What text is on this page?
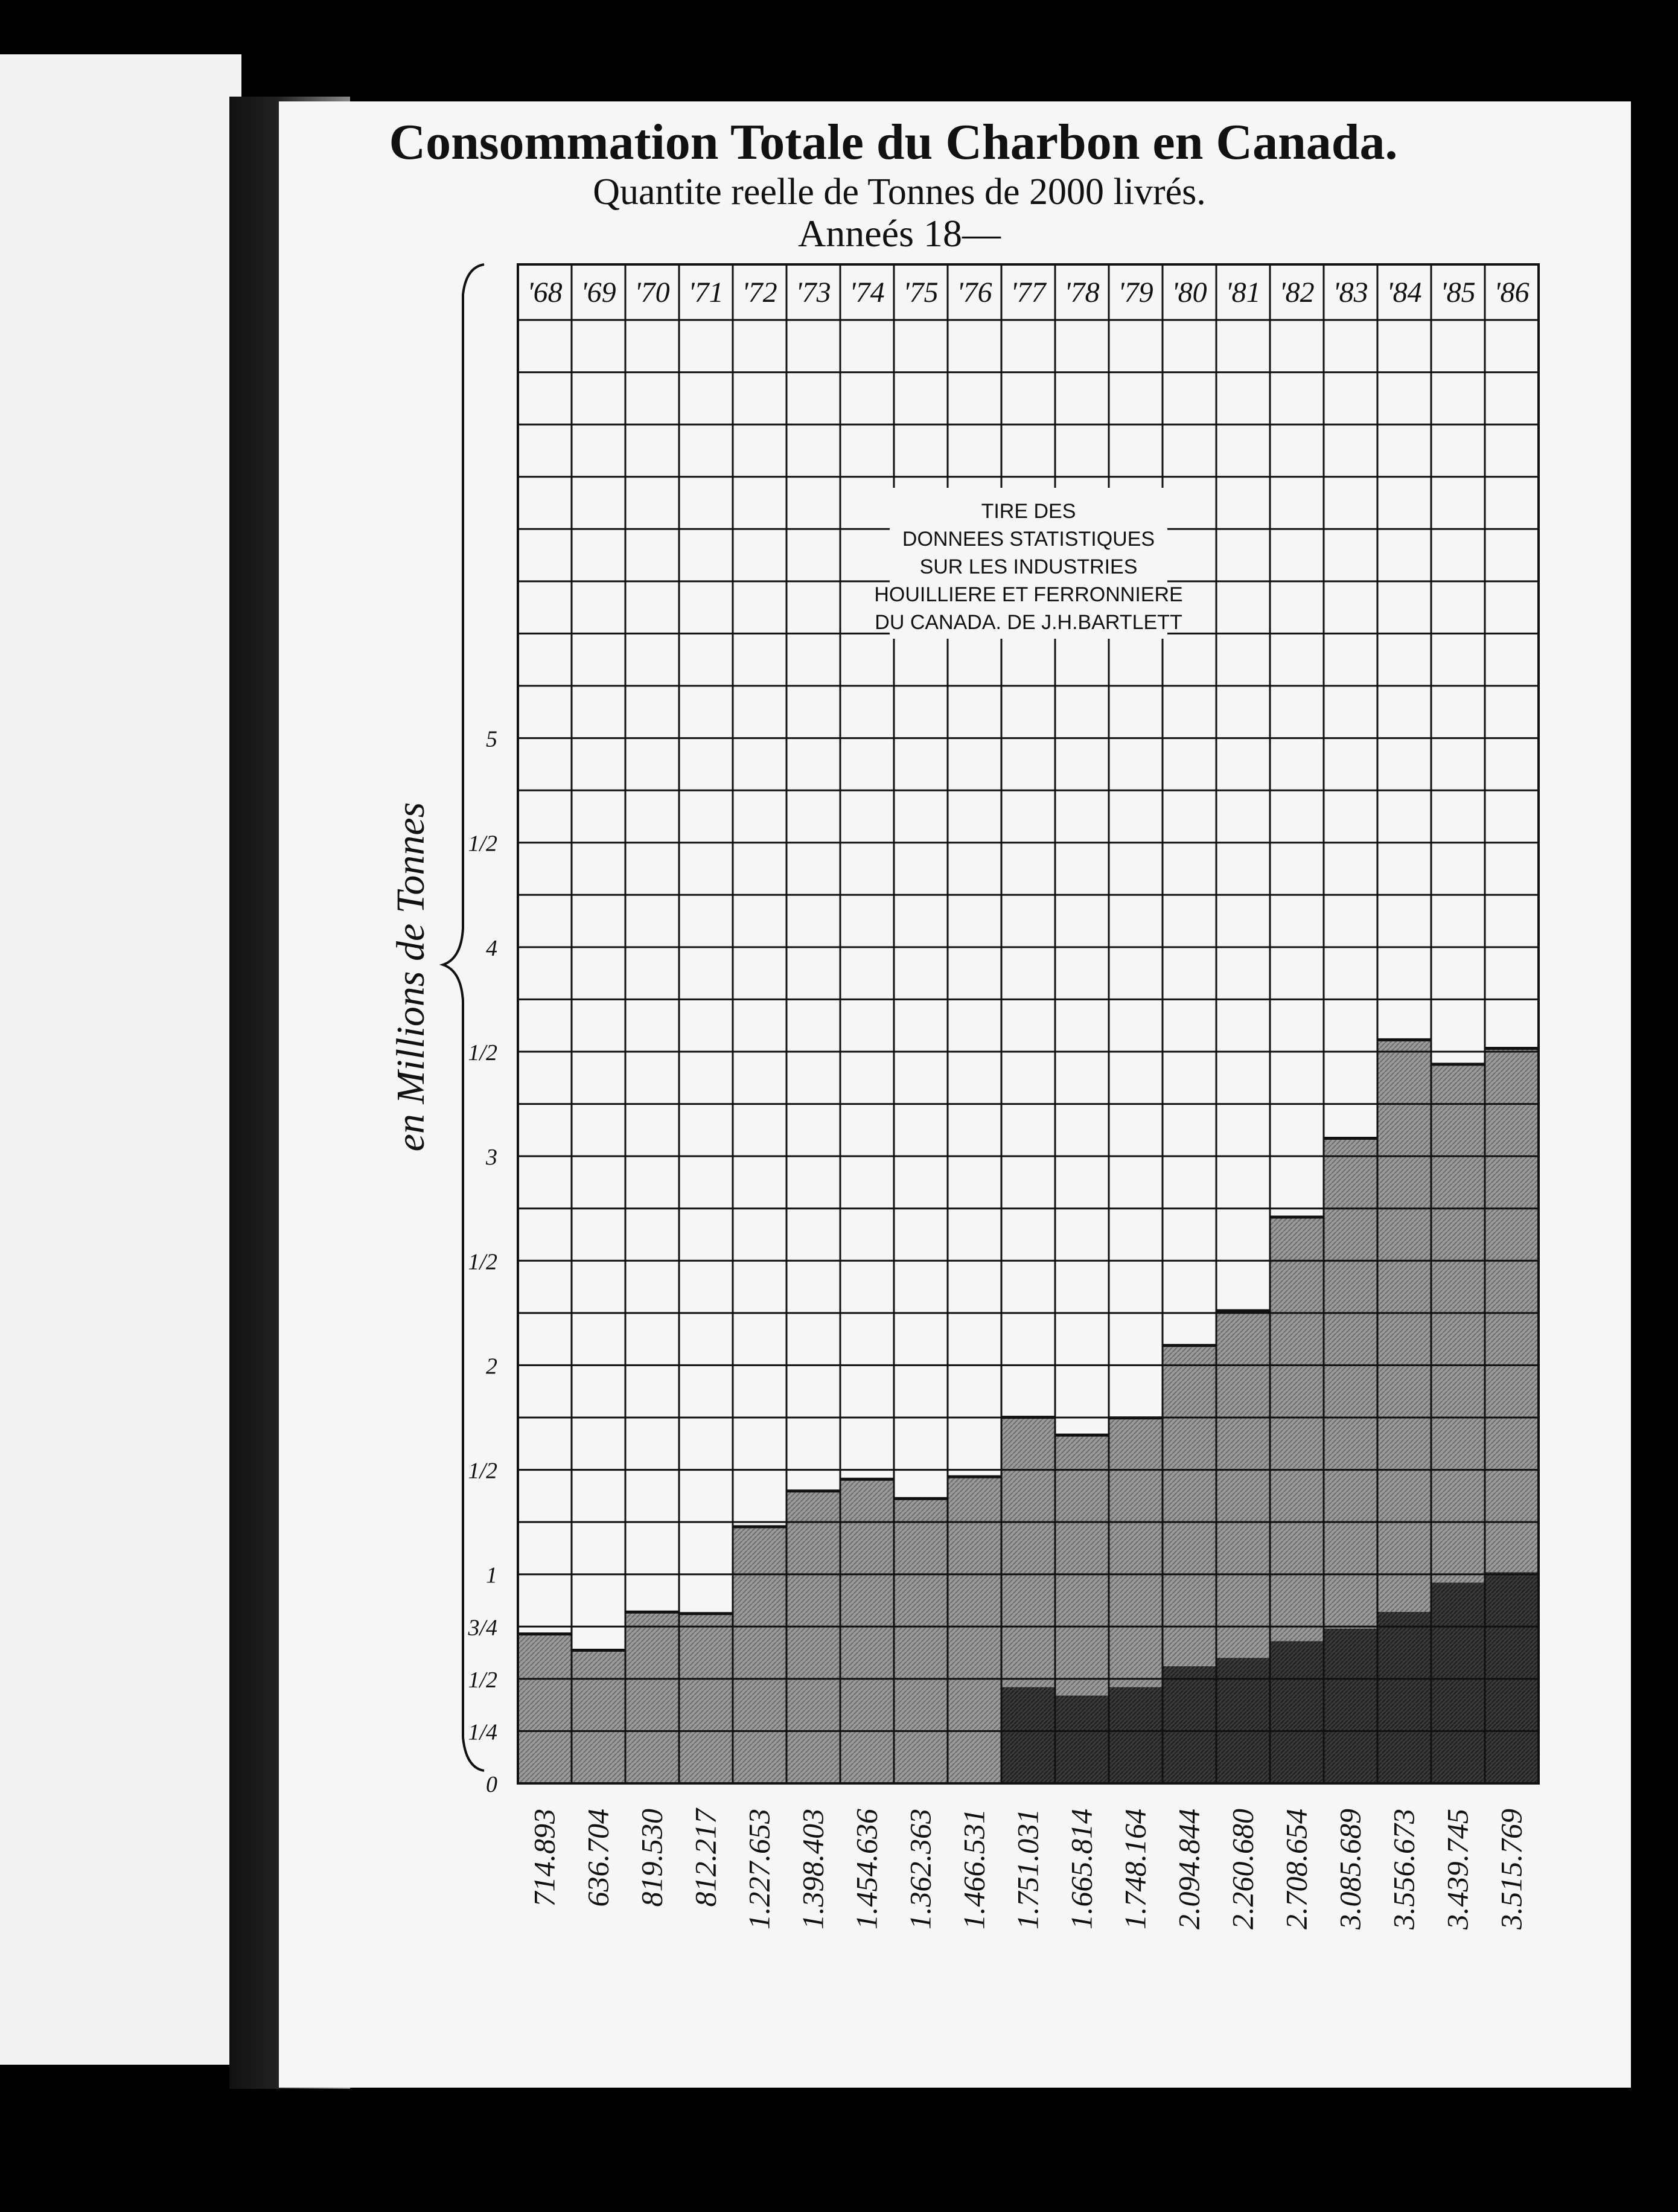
Consommation Totale du Charbon en Canada.
Quantite reelle de Tonnes de 2000 livrés.
Anneés 18—
'68 '69 '70 '71 '72 '73 '74 '75 '76 '77 '78 '79 '80 '81 '82 '83 '84 '85 '86
0
1/4
1/2
3/4
1
1/2
2
1/2
3
1/2
4
1/2
5
714.893 636.704 819.530 812.217 1.227.653 1.398.403 1.454.636 1.362.363 1.466.531 1.751.031 1.665.814 1.748.164 2.094.844 2.260.680 2.708.654 3.085.689 3.556.673 3.439.745 3.515.769
en Millions de Tonnes
TIRE DES
DONNEES STATISTIQUES
SUR LES INDUSTRIES
HOUILLIERE ET FERRONNIERE
DU CANADA. DE J.H.BARTLETT
